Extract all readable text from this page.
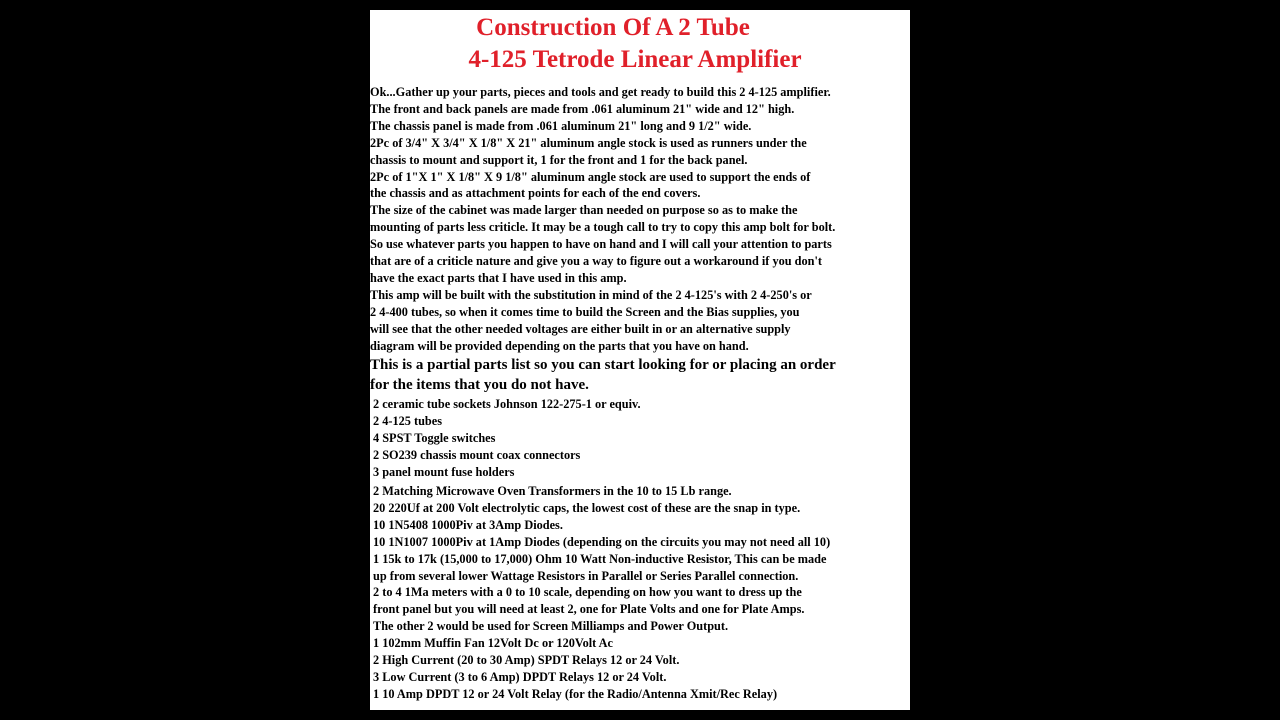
Construction Of A 2 Tube
4-125 Tetrode Linear Amplifier
Ok...Gather up your parts, pieces and tools and get ready to build this 2 4-125 amplifier.
The front and back panels are made from .061 aluminum 21" wide and 12" high.
The chassis panel is made from .061 aluminum 21" long and 9 1/2" wide.
2Pc of 3/4" X 3/4" X 1/8" X 21" aluminum angle stock is used as runners under the
chassis to mount and support it, 1 for the front and 1 for the back panel.
2Pc of 1"X 1" X 1/8" X 9 1/8" aluminum angle stock are used to support the ends of
the chassis and as attachment points for each of the end covers.
The size of the cabinet was made larger than needed on purpose so as to make the
mounting of parts less criticle. It may be a tough call to try to copy this amp bolt for bolt.
So use whatever parts you happen to have on hand and I will call your attention to parts
that are of a criticle nature and give you a way to figure out a workaround if you don't
have the exact parts that I have used in this amp.
This amp will be built with the substitution in mind of the 2 4-125's with 2 4-250's or
2 4-400 tubes, so when it comes time to build the Screen and the Bias supplies, you
will see that the other needed voltages are either built in or an alternative supply
diagram will be provided depending on the parts that you have on hand.
This is a partial parts list so you can start looking for or placing an order
for the items that you do not have.
2 ceramic tube sockets Johnson 122-275-1 or equiv.
2 4-125 tubes
4 SPST Toggle switches
2 SO239 chassis mount coax connectors
3 panel mount fuse holders
2 Matching Microwave Oven Transformers in the 10 to 15 Lb range.
20 220Uf at 200 Volt electrolytic caps, the lowest cost of these are the snap in type.
10 1N5408 1000Piv at 3Amp Diodes.
10 1N1007 1000Piv at 1Amp Diodes (depending on the circuits you may not need all 10)
1 15k to 17k (15,000 to 17,000) Ohm 10 Watt Non-inductive Resistor, This can be made
up from several lower Wattage Resistors in Parallel or Series Parallel connection.
2 to 4 1Ma meters with a 0 to 10 scale, depending on how you want to dress up the
front panel but you will need at least 2, one for Plate Volts and one for Plate Amps.
The other 2 would be used for Screen Milliamps and Power Output.
1 102mm Muffin Fan 12Volt Dc or 120Volt Ac
2 High Current (20 to 30 Amp) SPDT Relays 12 or 24 Volt.
3 Low Current (3 to 6 Amp) DPDT Relays 12 or 24 Volt.
1 10 Amp DPDT 12 or 24 Volt Relay (for the Radio/Antenna Xmit/Rec Relay)
